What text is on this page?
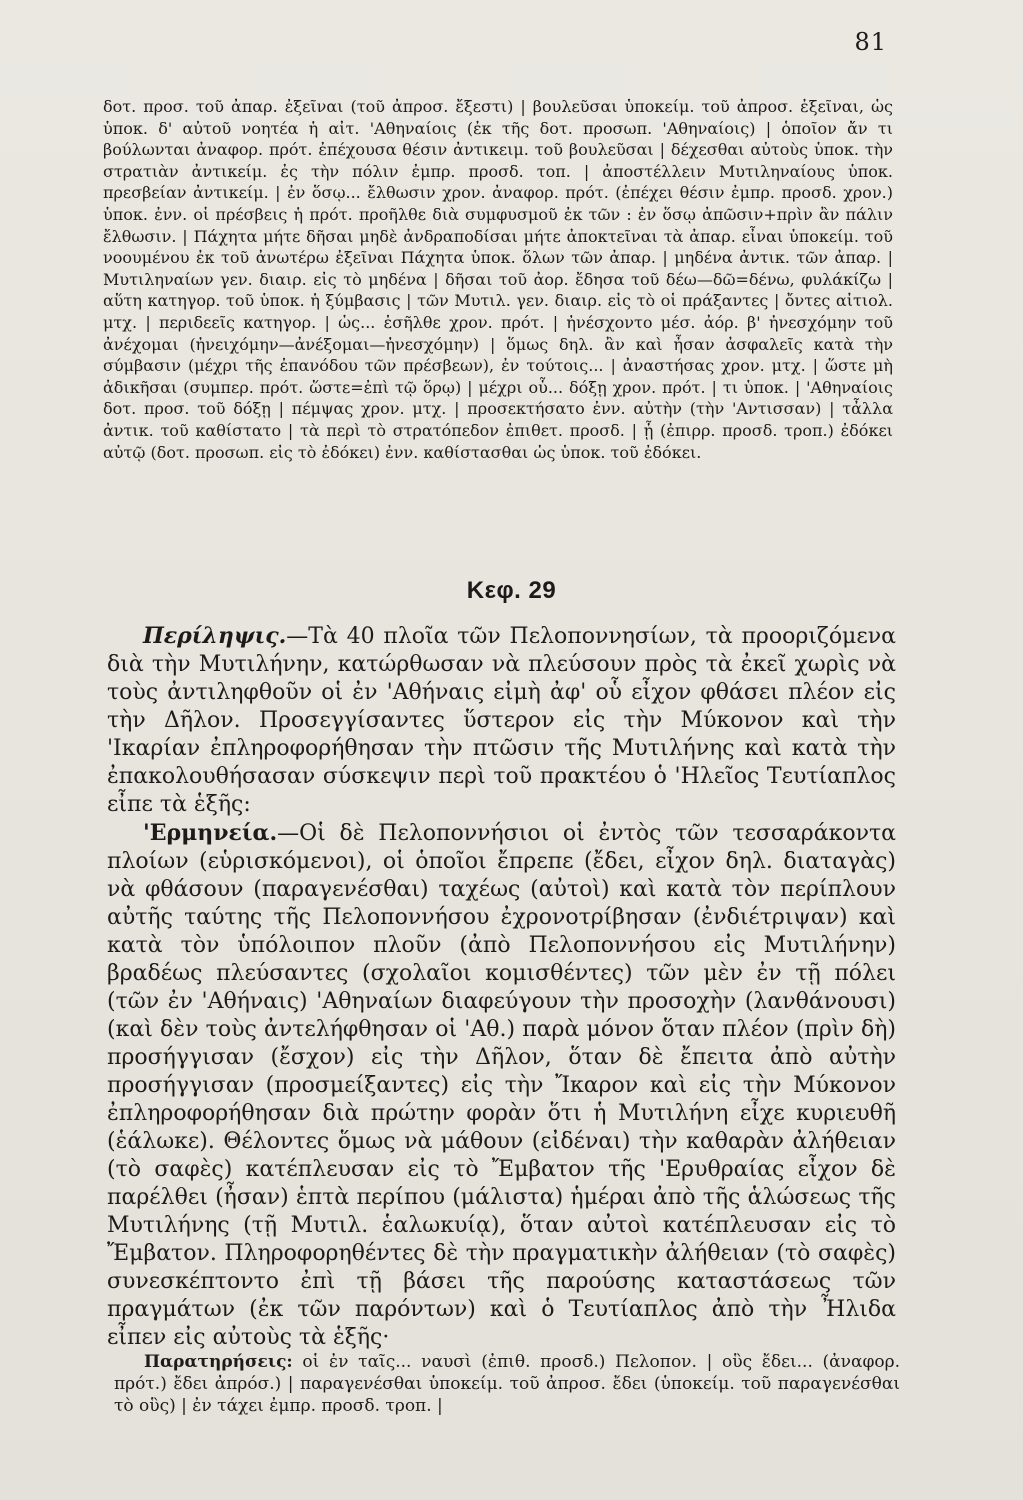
81
δοτ. προσ. τοῦ ἀπαρ. ἐξεῖναι (τοῦ ἀπροσ. ἔξεστι) | βουλεῦσαι ὑποκείμ. τοῦ ἀπροσ. ἐξεῖναι, ὡς ὑποκ. δ' αὐτοῦ νοητέα ἡ αἰτ. 'Αθηναίοις (ἐκ τῆς δοτ. προσωπ. 'Αθηναίοις) | ὁποῖον ἄν τι βούλωνται ἀναφορ. πρότ. ἐπέχουσα θέσιν ἀντικειμ. τοῦ βουλεῦσαι | δέχεσθαι αὐτοὺς ὑποκ. τὴν στρατιὰν ἀντικείμ. ἐς τὴν πόλιν ἐμπρ. προσδ. τοπ. | ἀποστέλλειν Μυτιληναίους ὑποκ. πρεσβείαν ἀντικείμ. | ἐν ὅσῳ... ἔλθωσιν χρον. ἀναφορ. πρότ. (ἐπέχει θέσιν ἐμπρ. προσδ. χρον.) ὑποκ. ἐνν. οἱ πρέσβεις ἡ πρότ. προῆλθε διὰ συμφυσμοῦ ἐκ τῶν : ἐν ὅσῳ ἀπῶσιν+πρὶν ἂν πάλιν ἔλθωσιν. | Πάχητα μήτε δῆσαι μηδὲ ἀνδραποδίσαι μήτε ἀποκτεῖναι τὰ ἀπαρ. εἶναι ὑποκείμ. τοῦ νοουμένου ἐκ τοῦ ἀνωτέρω ἐξεῖναι Πάχητα ὑποκ. ὅλων τῶν ἀπαρ. | μηδένα ἀντικ. τῶν ἀπαρ. | Μυτιληναίων γεν. διαιρ. εἰς τὸ μηδένα | δῆσαι τοῦ ἀορ. ἔδησα τοῦ δέω—δῶ=δένω, φυλάκίζω | αὕτη κατηγορ. τοῦ ὑποκ. ἡ ξύμβασις | τῶν Μυτιλ. γεν. διαιρ. εἰς τὸ οἱ πράξαντες | ὄντες αἰτιολ. μτχ. | περιδεεῖς κατηγορ. | ὡς... ἐσῆλθε χρον. πρότ. | ἠνέσχοντο μέσ. ἀόρ. β' ἠνεσχόμην τοῦ ἀνέχομαι (ἠνειχόμην—ἀνέξομαι—ἠνεσχόμην) | ὅμως δηλ. ἂν καὶ ἦσαν ἀσφαλεῖς κατὰ τὴν σύμβασιν (μέχρι τῆς ἐπανόδου τῶν πρέσβεων), ἐν τούτοις... | ἀναστήσας χρον. μτχ. | ὥστε μὴ ἀδικῆσαι (συμπερ. πρότ. ὥστε=ἐπὶ τῷ ὅρῳ) | μέχρι οὗ... δόξῃ χρον. πρότ. | τι ὑποκ. | 'Αθηναίοις δοτ. προσ. τοῦ δόξῃ | πέμψας χρον. μτχ. | προσεκτήσατο ἐνν. αὐτὴν (τὴν 'Αντισσαν) | τἆλλα ἀντικ. τοῦ καθίστατο | τὰ περὶ τὸ στρατόπεδον ἐπιθετ. προσδ. | ᾗ (ἐπιρρ. προσδ. τροπ.) ἐδόκει αὐτῷ (δοτ. προσωπ. εἰς τὸ ἐδόκει) ἐνν. καθίστασθαι ὡς ὑποκ. τοῦ ἐδόκει.
Κεφ. 29

Περίληψις.—Τὰ 40 πλοῖα τῶν Πελοποννησίων, τὰ προοριζόμενα διὰ τὴν Μυτιλήνην, κατώρθωσαν νὰ πλεύσουν πρὸς τὰ ἐκεῖ χωρὶς νὰ τοὺς ἀντιληφθοῦν οἱ ἐν 'Αθήναις εἰμὴ ἀφ' οὗ εἶχον φθάσει πλέον εἰς τὴν Δῆλον. Προσεγγίσαντες ὕστερον εἰς τὴν Μύκονον καὶ τὴν 'Ικαρίαν ἐπληροφορήθησαν τὴν πτῶσιν τῆς Μυτιλήνης καὶ κατὰ τὴν ἐπακολουθήσασαν σύσκεψιν περὶ τοῦ πρακτέου ὁ 'Ηλεῖος Τευτίαπλος εἶπε τὰ ἑξῆς:

'Ερμηνεία.—Οἱ δὲ Πελοποννήσιοι οἱ ἐντὸς τῶν τεσσαράκοντα πλοίων (εὑρισκόμενοι), οἱ ὁποῖοι ἔπρεπε (ἔδει, εἶχον δηλ. διαταγὰς) νὰ φθάσουν (παραγενέσθαι) ταχέως (αὐτοὶ) καὶ κατὰ τὸν περίπλουν αὐτῆς ταύτης τῆς Πελοποννήσου ἐχρονοτρίβησαν (ἐνδιέτριψαν) καὶ κατὰ τὸν ὑπόλοιπον πλοῦν (ἀπὸ Πελοποννήσου εἰς Μυτιλήνην) βραδέως πλεύσαντες (σχολαῖοι κομισθέντες) τῶν μὲν ἐν τῇ πόλει (τῶν ἐν 'Αθήναις) 'Αθηναίων διαφεύγουν τὴν προσοχὴν (λανθάνουσι) (καὶ δὲν τοὺς ἀντελήφθησαν οἱ 'Αθ.) παρὰ μόνον ὅταν πλέον (πρὶν δὴ) προσήγγισαν (ἔσχον) εἰς τὴν Δῆλον, ὅταν δὲ ἔπειτα ἀπὸ αὐτὴν προσήγγισαν (προσμείξαντες) εἰς τὴν Ἴκαρον καὶ εἰς τὴν Μύκονον ἐπληροφορήθησαν διὰ πρώτην φορὰν ὅτι ἡ Μυτιλήνη εἶχε κυριευθῆ (ἑάλωκε). Θέλοντες ὅμως νὰ μάθουν (εἰδέναι) τὴν καθαρὰν ἀλήθειαν (τὸ σαφὲς) κατέπλευσαν εἰς τὸ Ἔμβατον τῆς 'Ερυθραίας εἶχον δὲ παρέλθει (ἦσαν) ἑπτὰ περίπου (μάλιστα) ἡμέραι ἀπὸ τῆς ἁλώσεως τῆς Μυτιλήνης (τῇ Μυτιλ. ἑαλωκυίᾳ), ὅταν αὐτοὶ κατέπλευσαν εἰς τὸ Ἔμβατον. Πληροφορηθέντες δὲ τὴν πραγματικὴν ἀλήθειαν (τὸ σαφὲς) συνεσκέπτοντο ἐπὶ τῇ βάσει τῆς παρούσης καταστάσεως τῶν πραγμάτων (ἐκ τῶν παρόντων) καὶ ὁ Τευτίαπλος ἀπὸ τὴν Ἦλιδα εἶπεν εἰς αὐτοὺς τὰ ἑξῆς·

Παρατηρήσεις: οἱ ἐν ταῖς... ναυσὶ (ἐπιθ. προσδ.) Πελοπον. | οὓς ἔδει... (ἀναφορ. πρότ.) ἔδει ἀπρόσ.) | παραγενέσθαι ὑποκείμ. τοῦ ἀπροσ. ἔδει (ὑποκείμ. τοῦ παραγενέσθαι τὸ οὓς) | ἐν τάχει ἐμπρ. προσδ. τροπ. |
